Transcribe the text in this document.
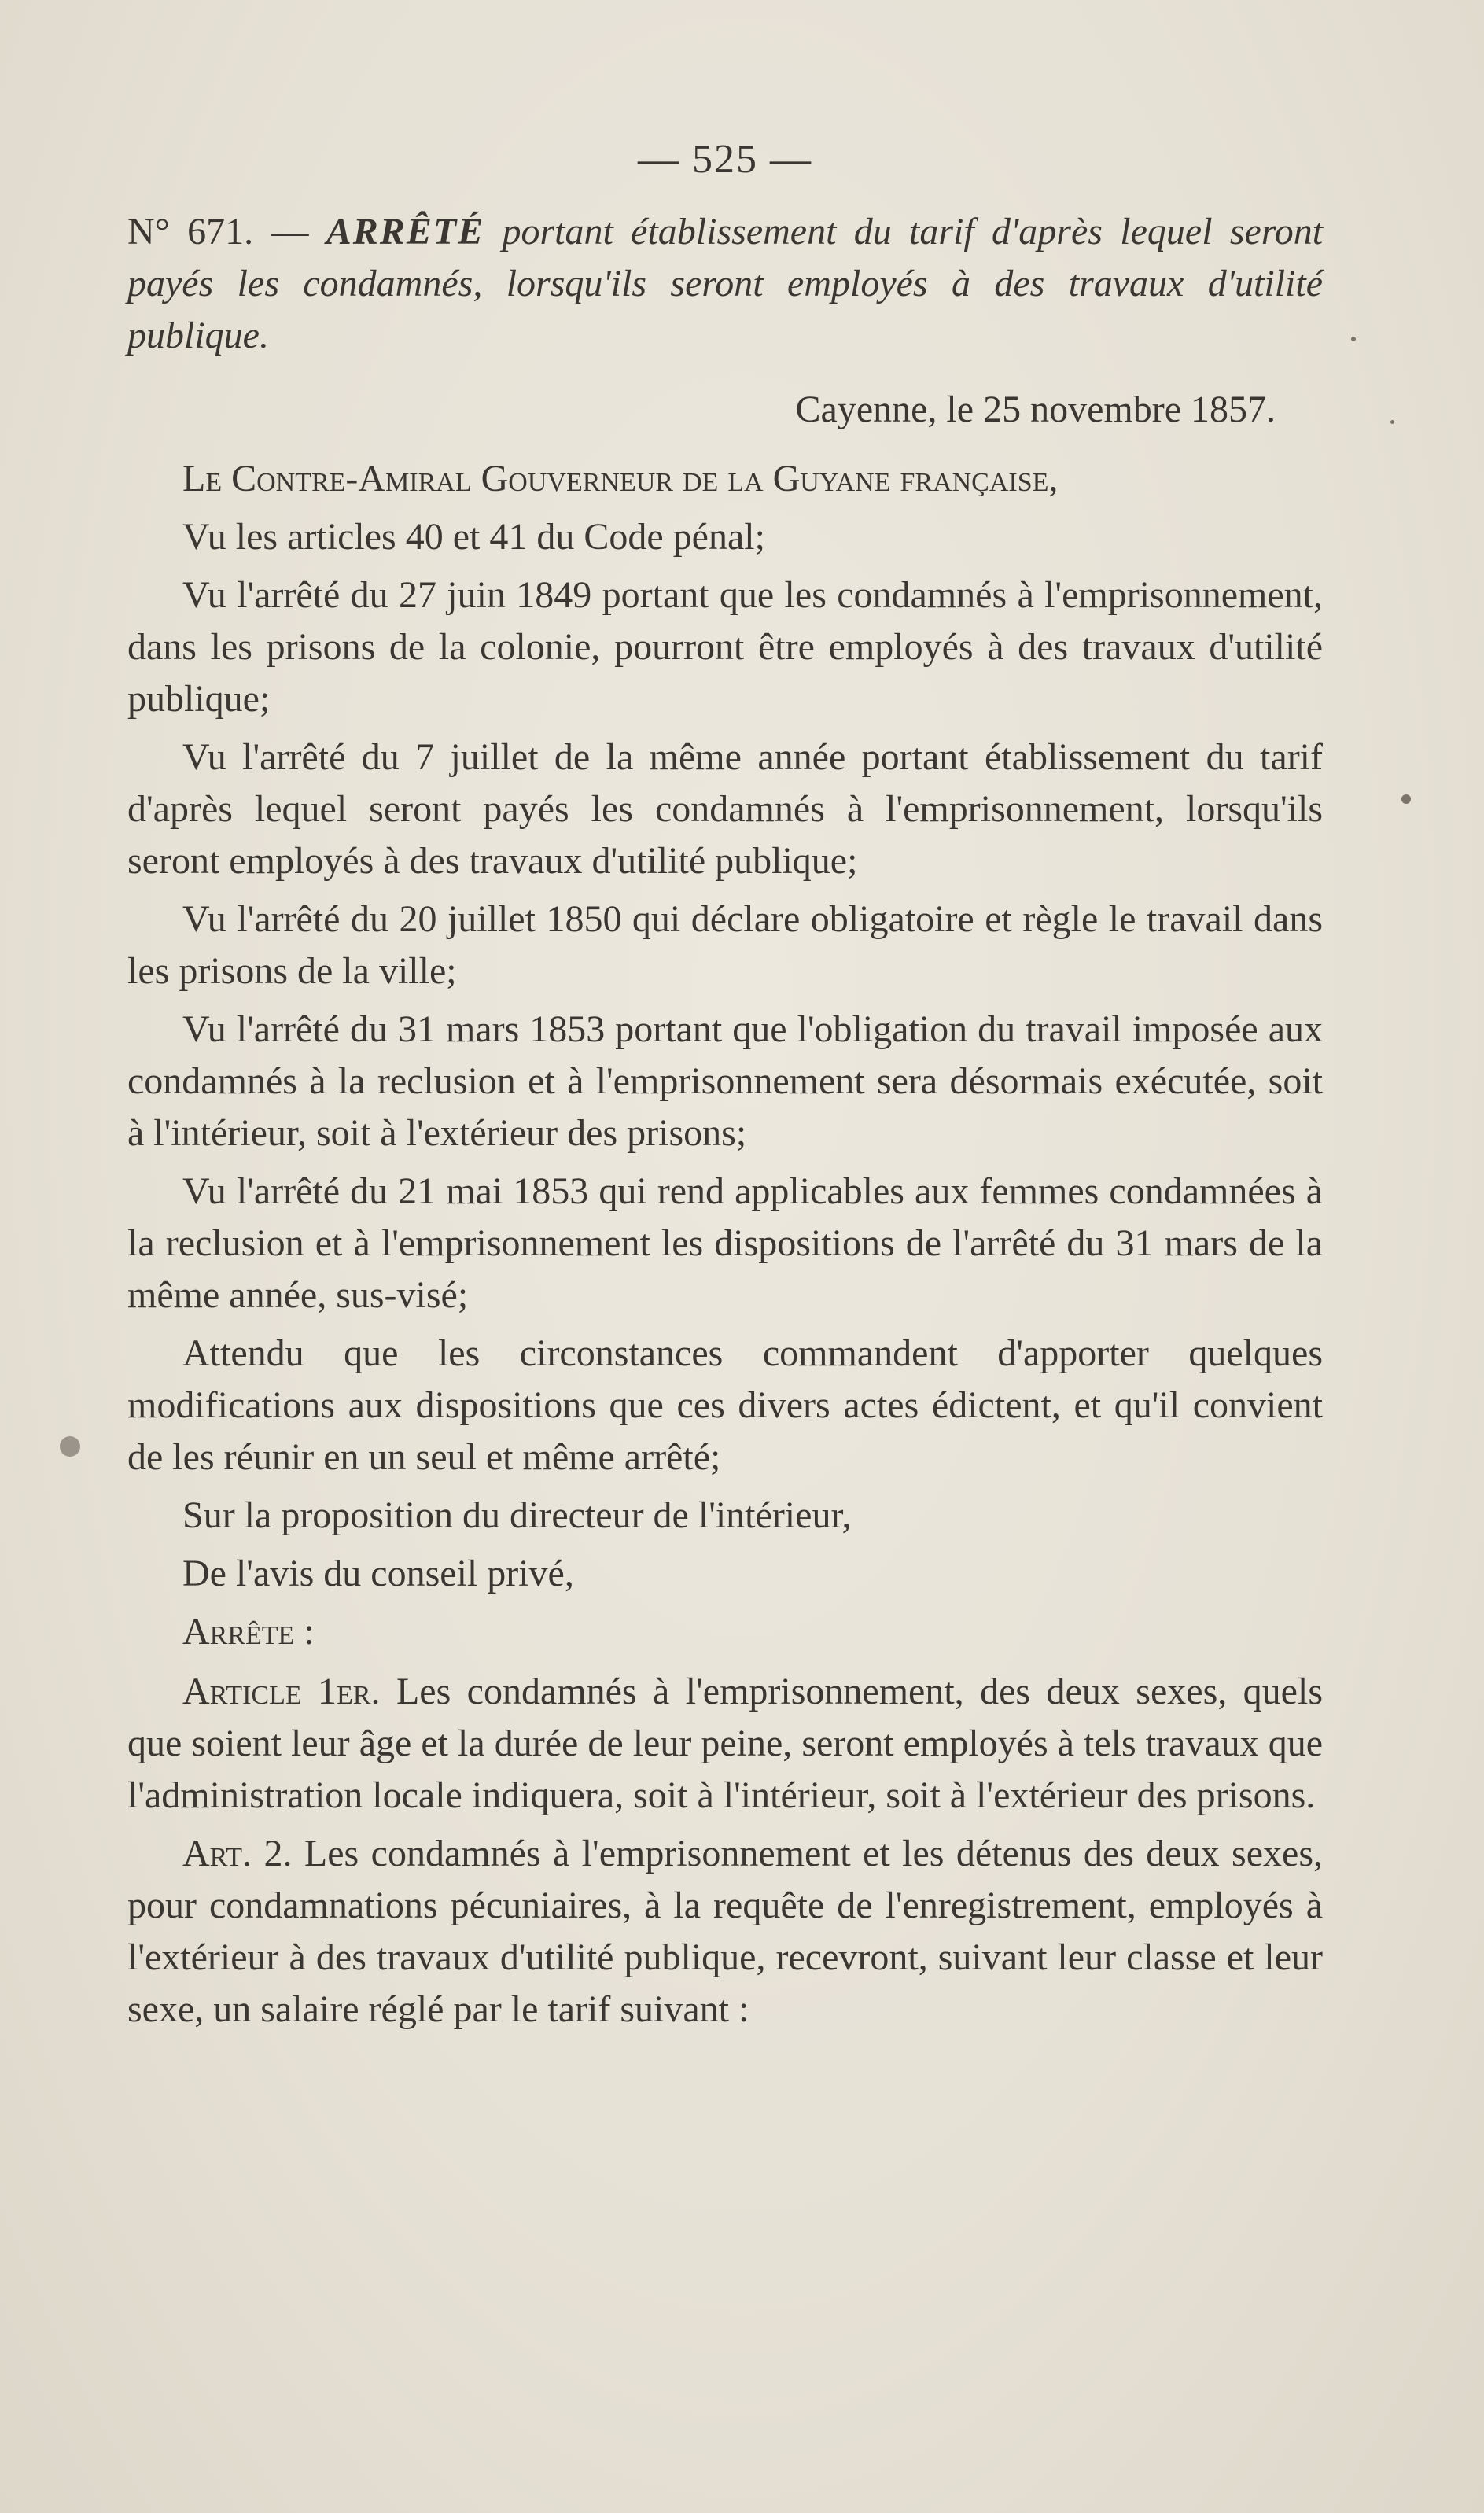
— 525 —
N° 671. — ARRÊTÉ portant établissement du tarif d'après lequel seront payés les condamnés, lorsqu'ils seront employés à des travaux d'utilité publique.
Cayenne, le 25 novembre 1857.

Le Contre-Amiral Gouverneur de la Guyane française,

Vu les articles 40 et 41 du Code pénal;

Vu l'arrêté du 27 juin 1849 portant que les condamnés à l'emprisonnement, dans les prisons de la colonie, pourront être employés à des travaux d'utilité publique;

Vu l'arrêté du 7 juillet de la même année portant établissement du tarif d'après lequel seront payés les condamnés à l'emprisonnement, lorsqu'ils seront employés à des travaux d'utilité publique;

Vu l'arrêté du 20 juillet 1850 qui déclare obligatoire et règle le travail dans les prisons de la ville;

Vu l'arrêté du 31 mars 1853 portant que l'obligation du travail imposée aux condamnés à la reclusion et à l'emprisonnement sera désormais exécutée, soit à l'intérieur, soit à l'extérieur des prisons;

Vu l'arrêté du 21 mai 1853 qui rend applicables aux femmes condamnées à la reclusion et à l'emprisonnement les dispositions de l'arrêté du 31 mars de la même année, sus-visé;

Attendu que les circonstances commandent d'apporter quelques modifications aux dispositions que ces divers actes édictent, et qu'il convient de les réunir en un seul et même arrêté;

Sur la proposition du directeur de l'intérieur,

De l'avis du conseil privé,

Arrête :

Article 1er. Les condamnés à l'emprisonnement, des deux sexes, quels que soient leur âge et la durée de leur peine, seront employés à tels travaux que l'administration locale indiquera, soit à l'intérieur, soit à l'extérieur des prisons.

Art. 2. Les condamnés à l'emprisonnement et les détenus des deux sexes, pour condamnations pécuniaires, à la requête de l'enregistrement, employés à l'extérieur à des travaux d'utilité publique, recevront, suivant leur classe et leur sexe, un salaire réglé par le tarif suivant :
